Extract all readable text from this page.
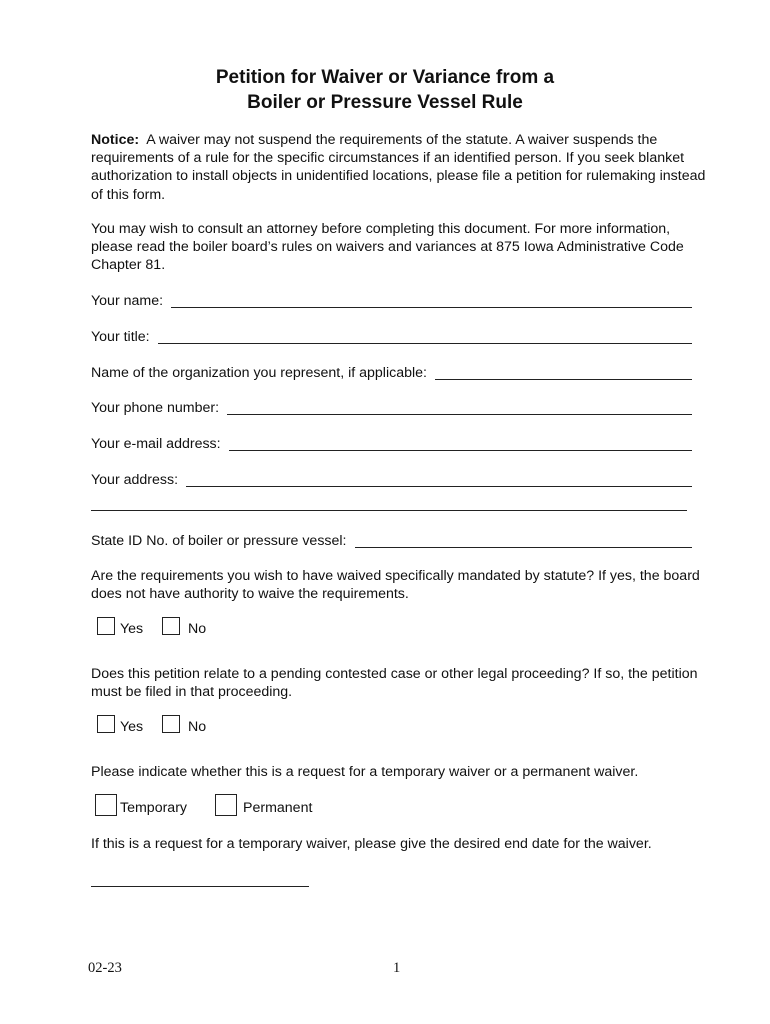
Petition for Waiver or Variance from a
Boiler or Pressure Vessel Rule
Notice: A waiver may not suspend the requirements of the statute. A waiver suspends the requirements of a rule for the specific circumstances if an identified person. If you seek blanket authorization to install objects in unidentified locations, please file a petition for rulemaking instead of this form.
You may wish to consult an attorney before completing this document. For more information, please read the boiler board’s rules on waivers and variances at 875 Iowa Administrative Code Chapter 81.
Your name:
Your title:
Name of the organization you represent, if applicable:
Your phone number:
Your e-mail address:
Your address:
State ID No. of boiler or pressure vessel:
Are the requirements you wish to have waived specifically mandated by statute? If yes, the board does not have authority to waive the requirements.
Yes	No
Does this petition relate to a pending contested case or other legal proceeding? If so, the petition must be filed in that proceeding.
Yes	No
Please indicate whether this is a request for a temporary waiver or a permanent waiver.
Temporary	Permanent
If this is a request for a temporary waiver, please give the desired end date for the waiver.
02-23	1
